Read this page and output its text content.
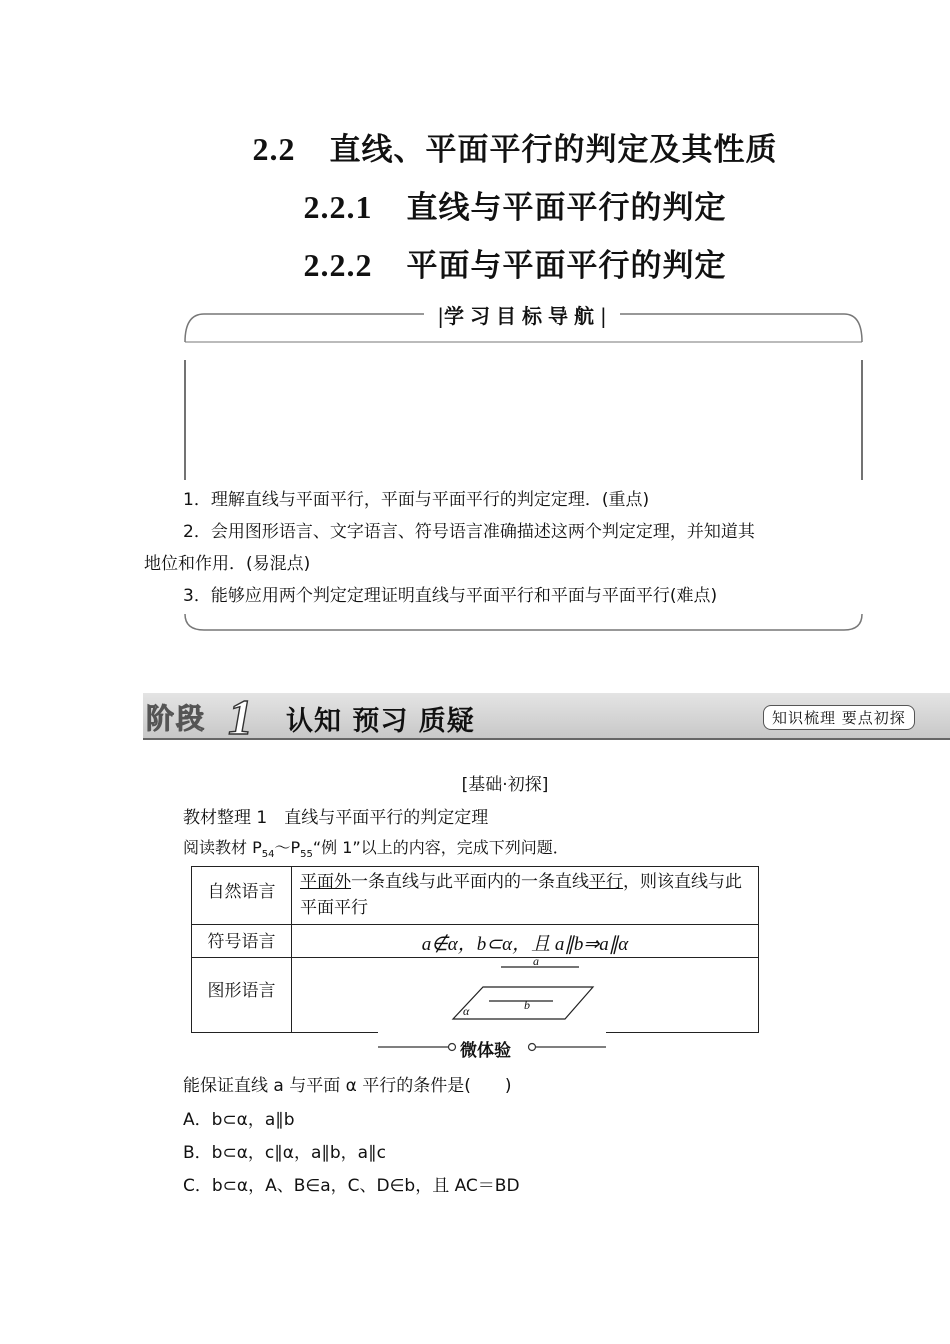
2.2 直线、平面平行的判定及其性质
2.2.1 直线与平面平行的判定
2.2.2 平面与平面平行的判定
|学习目标导航|
1．理解直线与平面平行，平面与平面平行的判定定理．(重点)
2．会用图形语言、文字语言、符号语言准确描述这两个判定定理，并知道其
地位和作用．(易混点)
3．能够应用两个判定定理证明直线与平面平行和平面与平面平行(难点)
阶段 1 认知 预习 质疑	知识梳理 要点初探
[基础·初探]
教材整理 1　直线与平面平行的判定定理
阅读教材 $P_{54}\sim P_{55}“$例 1”以上的内容，完成下列问题．
自然语言	平面外一条直线与此平面内的一条直线平行，则该直线与此平面平行
符号语言	a∉α，b⊂α，且 a∥b⇒a∥α
图形语言	a
b
α
微体验
能保证直线 a 与平面 α 平行的条件是(　　)
A．b⊂α，a∥b
B．b⊂α，c∥α，a∥b，a∥c
C．b⊂α，A、B∈a，C、D∈b，且 AC＝BD
